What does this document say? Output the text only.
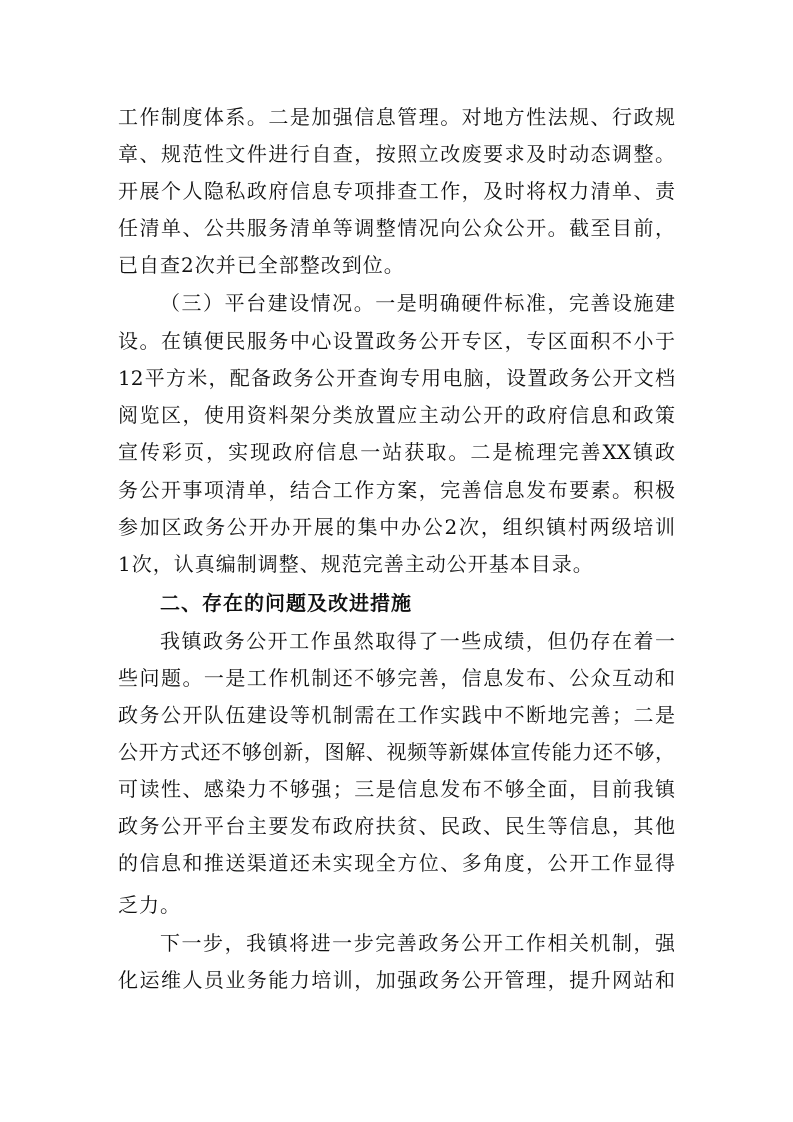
工作制度体系。二是加强信息管理。对地方性法规、行政规
章、规范性文件进行自查，按照立改废要求及时动态调整。
开展个人隐私政府信息专项排查工作，及时将权力清单、责
任清单、公共服务清单等调整情况向公众公开。截至目前，
已自查2次并已全部整改到位。
（三）平台建设情况。一是明确硬件标准，完善设施建
设。在镇便民服务中心设置政务公开专区，专区面积不小于
12平方米，配备政务公开查询专用电脑，设置政务公开文档
阅览区，使用资料架分类放置应主动公开的政府信息和政策
宣传彩页，实现政府信息一站获取。二是梳理完善XX镇政
务公开事项清单，结合工作方案，完善信息发布要素。积极
参加区政务公开办开展的集中办公2次，组织镇村两级培训
1次，认真编制调整、规范完善主动公开基本目录。
二、存在的问题及改进措施
我镇政务公开工作虽然取得了一些成绩，但仍存在着一
些问题。一是工作机制还不够完善，信息发布、公众互动和
政务公开队伍建设等机制需在工作实践中不断地完善；二是
公开方式还不够创新，图解、视频等新媒体宣传能力还不够，
可读性、感染力不够强；三是信息发布不够全面，目前我镇
政务公开平台主要发布政府扶贫、民政、民生等信息，其他
的信息和推送渠道还未实现全方位、多角度，公开工作显得
乏力。
下一步，我镇将进一步完善政务公开工作相关机制，强
化运维人员业务能力培训，加强政务公开管理，提升网站和
